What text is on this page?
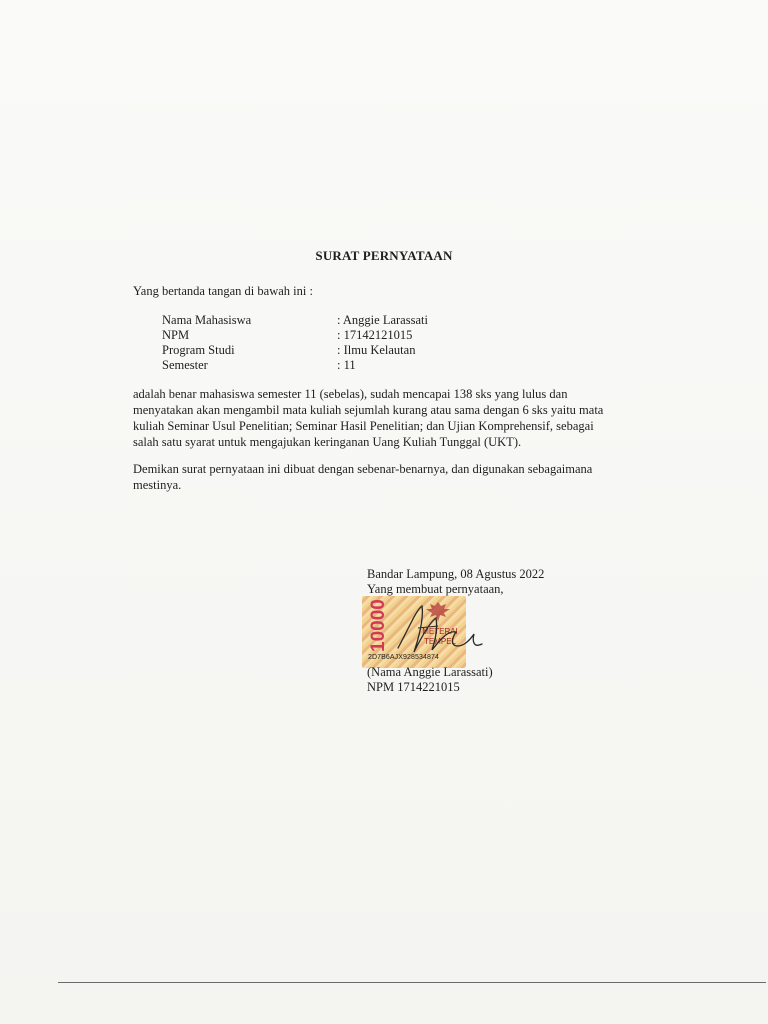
SURAT PERNYATAAN
Yang bertanda tangan di bawah ini :
Nama Mahasiswa	: Anggie Larassati
NPM	: 17142121015
Program Studi	: Ilmu Kelautan
Semester	: 11
adalah benar mahasiswa semester 11 (sebelas), sudah mencapai 138 sks yang lulus dan
menyatakan akan mengambil mata kuliah sejumlah kurang atau sama dengan 6 sks yaitu mata
kuliah Seminar Usul Penelitian; Seminar Hasil Penelitian; dan Ujian Komprehensif, sebagai
salah satu syarat untuk mengajukan keringanan Uang Kuliah Tunggal (UKT).
Demikan surat pernyataan ini dibuat dengan sebenar-benarnya, dan digunakan sebagaimana
mestinya.
Bandar Lampung, 08 Agustus 2022
Yang membuat pernyataan,
10000	METERAI
TEMPEL
2D7B6AJX928534874
(Nama Anggie Larassati)
NPM 1714221015
